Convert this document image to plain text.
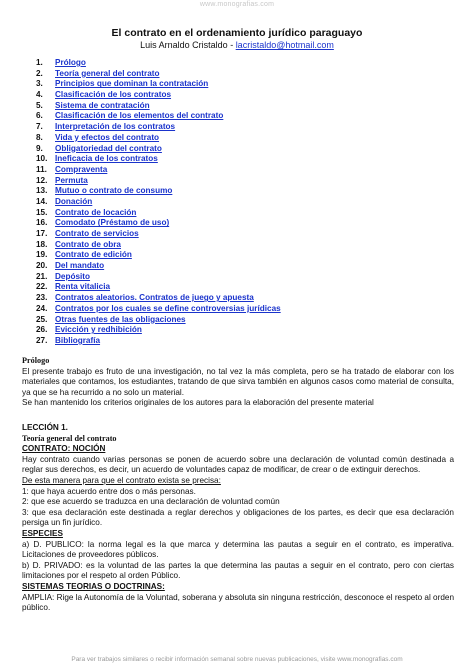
www.monografias.com
El contrato en el ordenamiento jurídico paraguayo
Luis Arnaldo Cristaldo - lacristaldo@hotmail.com
1. Prólogo
2. Teoría general del contrato
3. Principios que dominan la contratación
4. Clasificación de los contratos
5. Sistema de contratación
6. Clasificación de los elementos del contrato
7. Interpretación de los contratos
8. Vida y efectos del contrato
9. Obligatoriedad del contrato
10. Ineficacia de los contratos
11. Compraventa
12. Permuta
13. Mutuo o contrato de consumo
14. Donación
15. Contrato de locación
16. Comodato (Préstamo de uso)
17. Contrato de servicios
18. Contrato de obra
19. Contrato de edición
20. Del mandato
21. Depósito
22. Renta vitalicia
23. Contratos aleatorios. Contratos de juego y apuesta
24. Contratos por los cuales se define controversias jurídicas
25. Otras fuentes de las obligaciones
26. Evicción y redhibición
27. Bibliografía

Prólogo

El presente trabajo es fruto de una investigación, no tal vez la más completa, pero se ha tratado de elaborar con los materiales que contamos, los estudiantes, tratando de que sirva también en algunos casos como material de consulta, ya que se ha recurrido a no solo un material.

Se han mantenido los criterios originales de los autores para la elaboración del presente material

LECCIÓN 1.

Teoría general del contrato

CONTRATO: NOCIÓN

Hay contrato cuando varias personas se ponen de acuerdo sobre una declaración de voluntad común destinada a reglar sus derechos, es decir, un acuerdo de voluntades capaz de modificar, de crear o de extinguir derechos.

De esta manera para que el contrato exista se precisa:

1: que haya acuerdo entre dos o más personas.

2: que ese acuerdo se traduzca en una declaración de voluntad común

3: que esa declaración este destinada a reglar derechos y obligaciones de los partes, es decir que esa declaración persiga un fin jurídico.

ESPECIES

a) D. PUBLICO: la norma legal es la que marca y determina las pautas a seguir en el contrato, es imperativa. Licitaciones de proveedores públicos.

b) D. PRIVADO: es la voluntad de las partes la que determina las pautas a seguir en el contrato, pero con ciertas limitaciones por el respeto al orden Público.

SISTEMAS TEORIAS O DOCTRINAS:

AMPLIA: Rige la Autonomía de la Voluntad, soberana y absoluta sin ninguna restricción, desconoce el respeto al orden público.

Para ver trabajos similares o recibir información semanal sobre nuevas publicaciones, visite www.monografias.com
